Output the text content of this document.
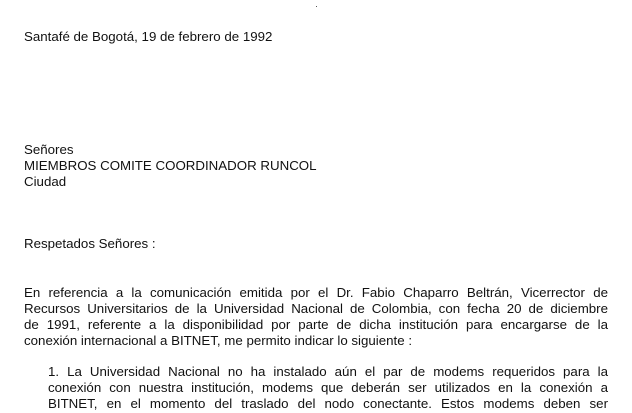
Santafé de Bogotá, 19 de febrero de 1992
Señores
MIEMBROS COMITE COORDINADOR RUNCOL
Ciudad
Respetados Señores :
En referencia a la comunicación emitida por el Dr. Fabio Chaparro Beltrán, Vicerrector de
Recursos Universitarios de la Universidad Nacional de Colombia, con fecha 20 de diciembre
de 1991, referente a la disponibilidad por parte de dicha institución para encargarse de la
conexión internacional a BITNET, me permito indicar lo siguiente :
1. La Universidad Nacional no ha instalado aún el par de modems requeridos para la
conexión con nuestra institución, modems que deberán ser utilizados en la conexión a
BITNET, en el momento del traslado del nodo conectante. Estos modems deben ser
